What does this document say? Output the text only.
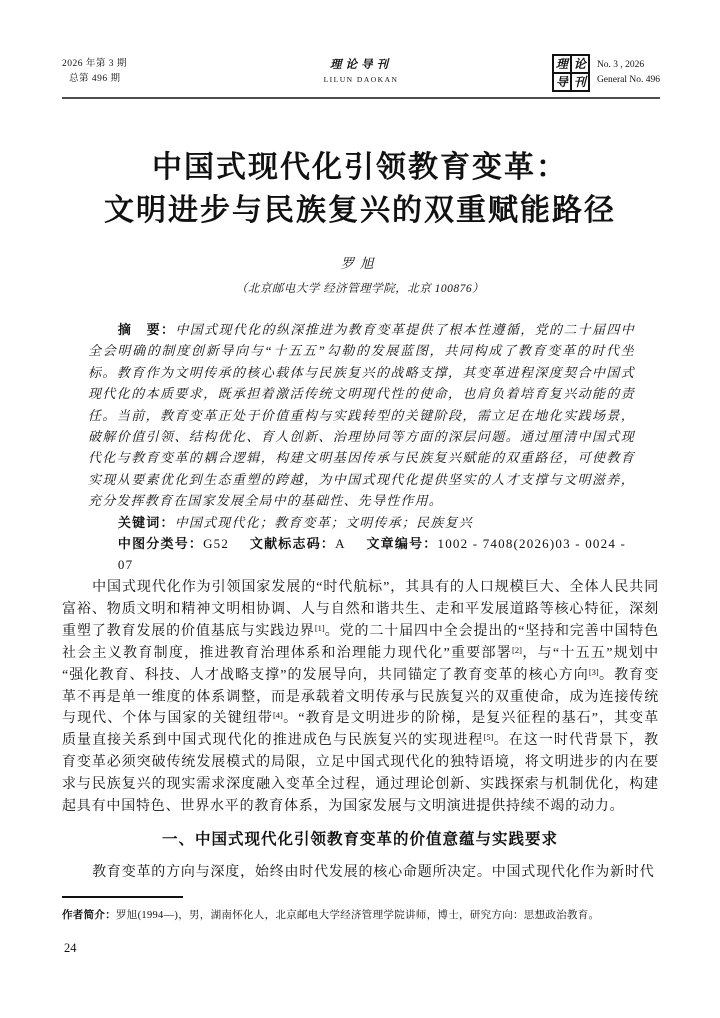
2026 年第 3 期
总第 496 期
理论导刊
LILUN DAOKAN
理 论
导 刊
No. 3 , 2026
General No. 496
中国式现代化引领教育变革：
文明进步与民族复兴的双重赋能路径
罗旭
（北京邮电大学 经济管理学院，北京 100876）

摘　要：中国式现代化的纵深推进为教育变革提供了根本性遵循，党的二十届四中全会明确的制度创新导向与“十五五”勾勒的发展蓝图，共同构成了教育变革的时代坐标。教育作为文明传承的核心载体与民族复兴的战略支撑，其变革进程深度契合中国式现代化的本质要求，既承担着激活传统文明现代性的使命，也肩负着培育复兴动能的责任。当前，教育变革正处于价值重构与实践转型的关键阶段，需立足在地化实践场景，破解价值引领、结构优化、育人创新、治理协同等方面的深层问题。通过厘清中国式现代化与教育变革的耦合逻辑，构建文明基因传承与民族复兴赋能的双重路径，可使教育实现从要素优化到生态重塑的跨越，为中国式现代化提供坚实的人才支撑与文明滋养，充分发挥教育在国家发展全局中的基础性、先导性作用。

关键词：中国式现代化；教育变革；文明传承；民族复兴

中图分类号：G52 文献标志码：A 文章编号：1002 - 7408(2026)03 - 0024 - 07

中国式现代化作为引领国家发展的“时代航标”，其具有的人口规模巨大、全体人民共同富裕、物质文明和精神文明相协调、人与自然和谐共生、走和平发展道路等核心特征，深刻重塑了教育发展的价值基底与实践边界[1]。党的二十届四中全会提出的“坚持和完善中国特色社会主义教育制度，推进教育治理体系和治理能力现代化”重要部署[2]，与“十五五”规划中“强化教育、科技、人才战略支撑”的发展导向，共同锚定了教育变革的核心方向[3]。教育变革不再是单一维度的体系调整，而是承载着文明传承与民族复兴的双重使命，成为连接传统与现代、个体与国家的关键纽带[4]。“教育是文明进步的阶梯，是复兴征程的基石”，其变革质量直接关系到中国式现代化的推进成色与民族复兴的实现进程[5]。在这一时代背景下，教育变革必须突破传统发展模式的局限，立足中国式现代化的独特语境，将文明进步的内在要求与民族复兴的现实需求深度融入变革全过程，通过理论创新、实践探索与机制优化，构建起具有中国特色、世界水平的教育体系，为国家发展与文明演进提供持续不竭的动力。

一、中国式现代化引领教育变革的价值意蕴与实践要求

教育变革的方向与深度，始终由时代发展的核心命题所决定。中国式现代化作为新时代

作者简介：罗旭(1994—)，男，湖南怀化人，北京邮电大学经济管理学院讲师，博士，研究方向：思想政治教育。
24
